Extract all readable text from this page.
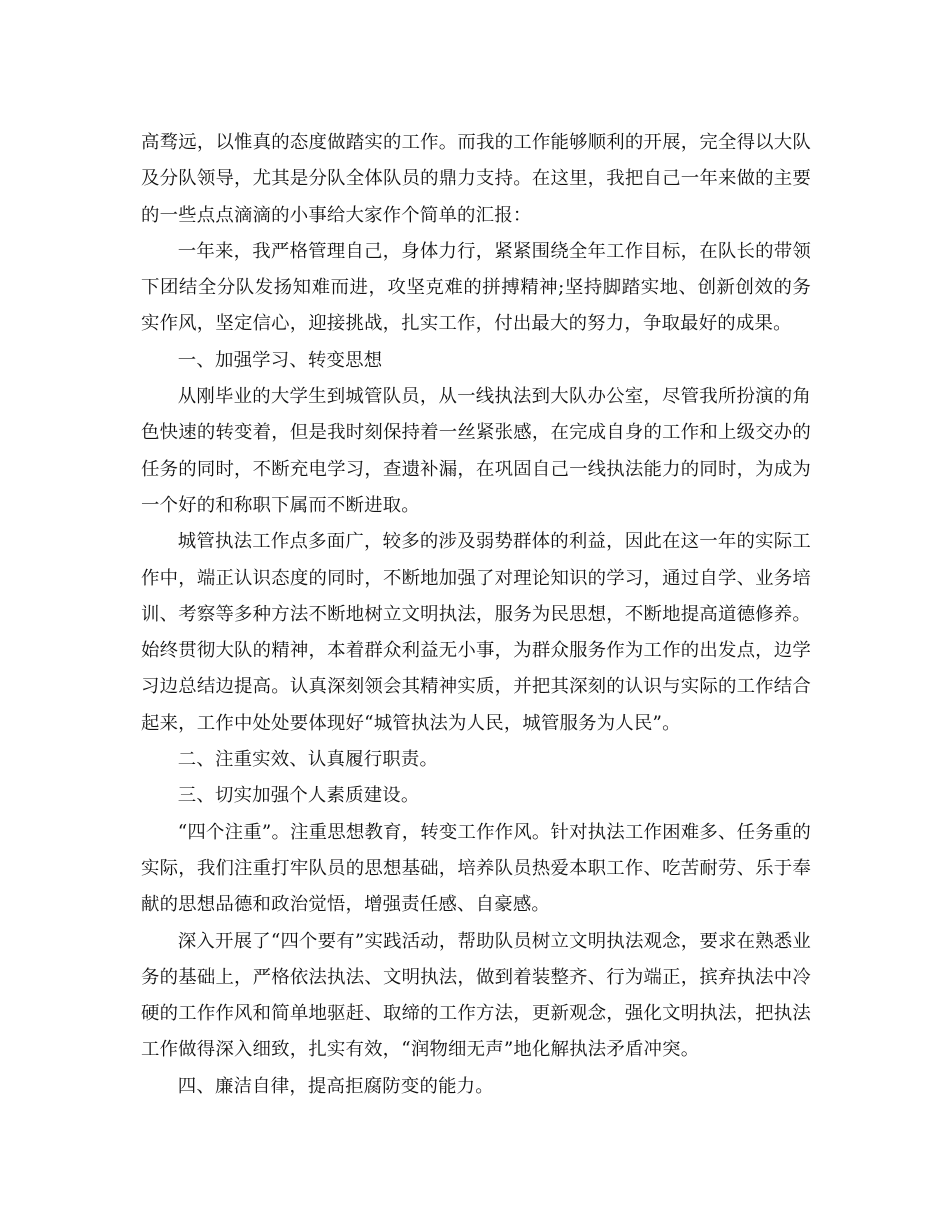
高骛远，以惟真的态度做踏实的工作。而我的工作能够顺利的开展，完全得以大队及分队领导，尤其是分队全体队员的鼎力支持。在这里，我把自己一年来做的主要的一些点点滴滴的小事给大家作个简单的汇报：

一年来，我严格管理自己，身体力行，紧紧围绕全年工作目标，在队长的带领下团结全分队发扬知难而进，攻坚克难的拼搏精神;坚持脚踏实地、创新创效的务实作风，坚定信心，迎接挑战，扎实工作，付出最大的努力，争取最好的成果。

一、加强学习、转变思想

从刚毕业的大学生到城管队员，从一线执法到大队办公室，尽管我所扮演的角色快速的转变着，但是我时刻保持着一丝紧张感，在完成自身的工作和上级交办的任务的同时，不断充电学习，查遗补漏，在巩固自己一线执法能力的同时，为成为一个好的和称职下属而不断进取。

城管执法工作点多面广，较多的涉及弱势群体的利益，因此在这一年的实际工作中，端正认识态度的同时，不断地加强了对理论知识的学习，通过自学、业务培训、考察等多种方法不断地树立文明执法，服务为民思想，不断地提高道德修养。始终贯彻大队的精神，本着群众利益无小事，为群众服务作为工作的出发点，边学习边总结边提高。认真深刻领会其精神实质，并把其深刻的认识与实际的工作结合起来，工作中处处要体现好“城管执法为人民，城管服务为人民”。

二、注重实效、认真履行职责。

三、切实加强个人素质建设。

“四个注重”。注重思想教育，转变工作作风。针对执法工作困难多、任务重的实际，我们注重打牢队员的思想基础，培养队员热爱本职工作、吃苦耐劳、乐于奉献的思想品德和政治觉悟，增强责任感、自豪感。

深入开展了“四个要有”实践活动，帮助队员树立文明执法观念，要求在熟悉业务的基础上，严格依法执法、文明执法，做到着装整齐、行为端正，摈弃执法中冷硬的工作作风和简单地驱赶、取缔的工作方法，更新观念，强化文明执法，把执法工作做得深入细致，扎实有效，“润物细无声”地化解执法矛盾冲突。

四、廉洁自律，提高拒腐防变的能力。
